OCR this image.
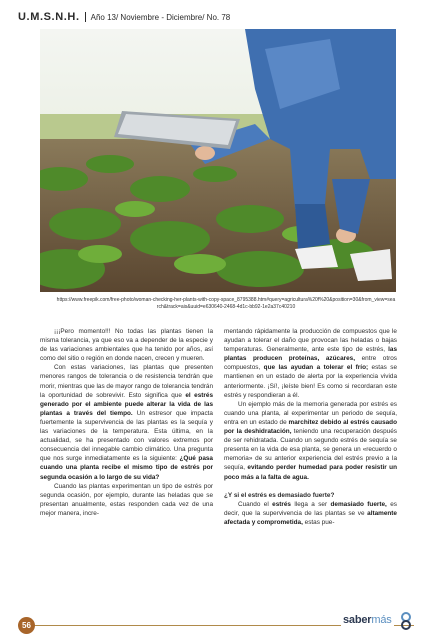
U.M.S.N.H. Año 13/ Noviembre - Diciembre/ No. 78
https://www.freepik.com/free-photo/woman-checking-her-plants-with-copy-space_8795388.htm#query=agricultura%20f%20&position=30&from_view=search&track=ais&uuid=e630640-2468-4d1c-bb92-1e2a37c40210

¡¡¡Pero momento!!! No todas las plantas tienen la misma tolerancia, ya que eso va a depender de la especie y de las variaciones ambientales que ha tenido por años, así como del sitio o región en donde nacen, crecen y mueren.

Con estas variaciones, las plantas que presenten menores rangos de tolerancia o de resistencia tendrán que morir, mientras que las de mayor rango de tolerancia tendrán la oportunidad de sobrevivir. Esto significa que el estrés generado por el ambiente puede alterar la vida de las plantas a través del tiempo. Un estresor que impacta fuertemente la supervivencia de las plantas es la sequía y las variaciones de la temperatura. Esta última, en la actualidad, se ha presentado con valores extremos por consecuencia del innegable cambio climático. Una pregunta que nos surge inmediatamente es la siguiente: ¿Qué pasa cuando una planta recibe el mismo tipo de estrés por segunda ocasión a lo largo de su vida?

Cuando las plantas experimentan un tipo de estrés por segunda ocasión, por ejemplo, durante las heladas que se presentan anualmente, estas responden cada vez de una mejor manera, incre-

mentando rápidamente la producción de compuestos que le ayudan a tolerar el daño que provocan las heladas o bajas temperaturas. Generalmente, ante este tipo de estrés, las plantas producen proteínas, azúcares, entre otros compuestos, que las ayudan a tolerar el frío; estas se mantienen en un estado de alerta por la experiencia vivida anteriormente. ¡Sí!, ¡leíste bien! Es como si recordaran este estrés y respondieran a él.

Un ejemplo más de la memoria generada por estrés es cuando una planta, al experimentar un periodo de sequía, entra en un estado de marchitez debido al estrés causado por la deshidratación, teniendo una recuperación después de ser rehidratada. Cuando un segundo estrés de sequía se presenta en la vida de esa planta, se genera un «recuerdo o memoria» de su anterior experiencia del estrés previo a la sequía, evitando perder humedad para poder resistir un poco más a la falta de agua.

¿Y si el estrés es demasiado fuerte?

Cuando el estrés llega a ser demasiado fuerte, es decir, que la supervivencia de las plantas se ve altamente afectada y comprometida, estas pue-

56	sabermás
